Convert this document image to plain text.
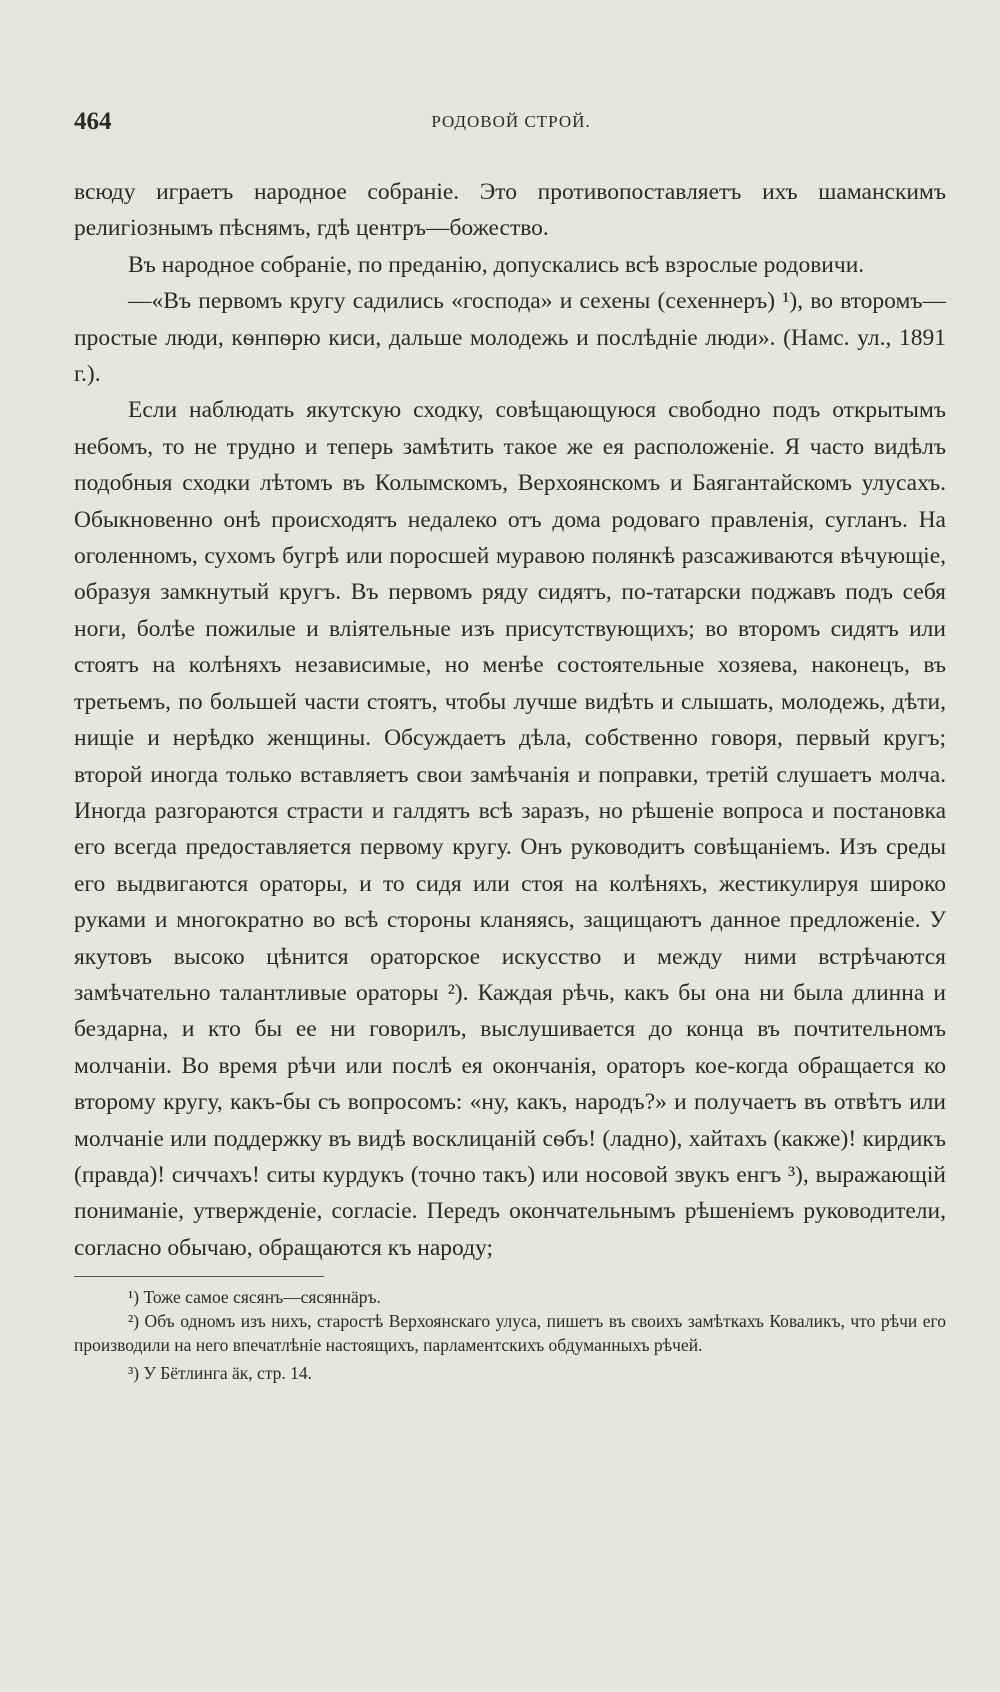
464	РОДОВОЙ СТРОЙ.

всюду играетъ народное собраніе. Это противопоставляетъ ихъ шаманскимъ религіознымъ пѣснямъ, гдѣ центръ—божество.

Въ народное собраніе, по преданію, допускались всѣ взрослые родовичи.

—«Въ первомъ кругу садились «господа» и сехены (сехеннеръ) ¹), во второмъ—простые люди, кѳнпѳрю киси, дальше молодежь и послѣдніе люди». (Намс. ул., 1891 г.).

Если наблюдать якутскую сходку, совѣщающуюся свободно подъ открытымъ небомъ, то не трудно и теперь замѣтить такое же ея расположеніе. Я часто видѣлъ подобныя сходки лѣтомъ въ Колымскомъ, Верхоянскомъ и Баягантайскомъ улусахъ. Обыкновенно онѣ происходятъ недалеко отъ дома родоваго правленія, сугланъ. На оголенномъ, сухомъ бугрѣ или поросшей муравою полянкѣ разсаживаются вѣчующіе, образуя замкнутый кругъ. Въ первомъ ряду сидятъ, по-татарски поджавъ подъ себя ноги, болѣе пожилые и вліятельные изъ присутствующихъ; во второмъ сидятъ или стоятъ на колѣняхъ независимые, но менѣе состоятельные хозяева, наконецъ, въ третьемъ, по большей части стоятъ, чтобы лучше видѣть и слышать, молодежь, дѣти, нищіе и нерѣдко женщины. Обсуждаетъ дѣла, собственно говоря, первый кругъ; второй иногда только вставляетъ свои замѣчанія и поправки, третій слушаетъ молча. Иногда разгораются страсти и галдятъ всѣ заразъ, но рѣшеніе вопроса и постановка его всегда предоставляется первому кругу. Онъ руководитъ совѣщаніемъ. Изъ среды его выдвигаются ораторы, и то сидя или стоя на колѣняхъ, жестикулируя широко руками и многократно во всѣ стороны кланяясь, защищаютъ данное предложеніе. У якутовъ высоко цѣнится ораторское искусство и между ними встрѣчаются замѣчательно талантливые ораторы ²). Каждая рѣчь, какъ бы она ни была длинна и бездарна, и кто бы ее ни говорилъ, выслушивается до конца въ почтительномъ молчаніи. Во время рѣчи или послѣ ея окончанія, ораторъ кое-когда обращается ко второму кругу, какъ-бы съ вопросомъ: «ну, какъ, народъ?» и получаетъ въ отвѣтъ или молчаніе или поддержку въ видѣ восклицаній сѳбъ! (ладно), хайтахъ (какже)! кирдикъ (правда)! сиччахъ! ситы курдукъ (точно такъ) или носовой звукъ енгъ ³), выражающій пониманіе, утвержденіе, согласіе. Передъ окончательнымъ рѣшеніемъ руководители, согласно обычаю, обращаются къ народу;

¹) Тоже самое сясянъ—сясяннäръ.

²) Объ одномъ изъ нихъ, старостѣ Верхоянскаго улуса, пишетъ въ своихъ замѣткахъ Коваликъ, что рѣчи его производили на него впечатлѣніе настоящихъ, парламентскихъ обдуманныхъ рѣчей.

³) У Бётлинга äк, стр. 14.
